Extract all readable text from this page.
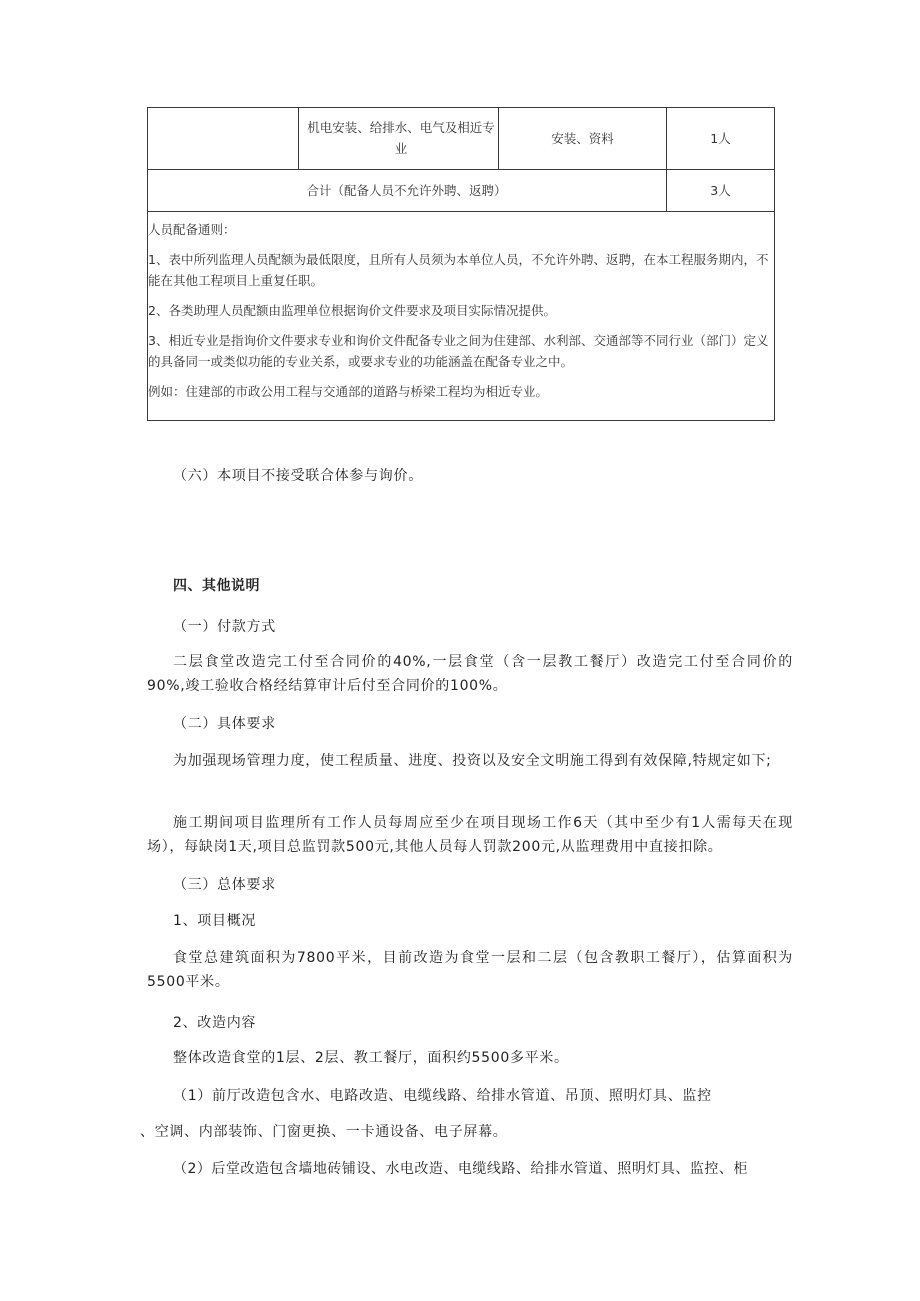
机电安装、给排水、电气及相近专业
安装、资料	1人
合计（配备人员不允许外聘、返聘）	3人

人员配备通则：

1、表中所列监理人员配额为最低限度，且所有人员须为本单位人员，不允许外聘、返聘，在本工程服务期内，不能在其他工程项目上重复任职。

2、各类助理人员配额由监理单位根据询价文件要求及项目实际情况提供。

3、相近专业是指询价文件要求专业和询价文件配备专业之间为住建部、水利部、交通部等不同行业（部门）定义的具备同一或类似功能的专业关系，或要求专业的功能涵盖在配备专业之中。

例如：住建部的市政公用工程与交通部的道路与桥梁工程均为相近专业。

（六）本项目不接受联合体参与询价。
四、其他说明
（一）付款方式
二层食堂改造完工付至合同价的40%,一层食堂（含一层教工餐厅）改造完工付至合同价的90%,竣工验收合格经结算审计后付至合同价的100%。
（二）具体要求
为加强现场管理力度，使工程质量、进度、投资以及安全文明施工得到有效保障,特规定如下;
施工期间项目监理所有工作人员每周应至少在项目现场工作6天（其中至少有1人需每天在现场），每缺岗1天,项目总监罚款500元,其他人员每人罚款200元,从监理费用中直接扣除。
（三）总体要求
1、项目概况
食堂总建筑面积为7800平米，目前改造为食堂一层和二层（包含教职工餐厅），估算面积为5500平米。
2、改造内容
整体改造食堂的1层、2层、教工餐厅，面积约5500多平米。
（1）前厅改造包含水、电路改造、电缆线路、给排水管道、吊顶、照明灯具、监控
、空调、内部装饰、门窗更换、一卡通设备、电子屏幕。
（2）后堂改造包含墙地砖铺设、水电改造、电缆线路、给排水管道、照明灯具、监控、柜
